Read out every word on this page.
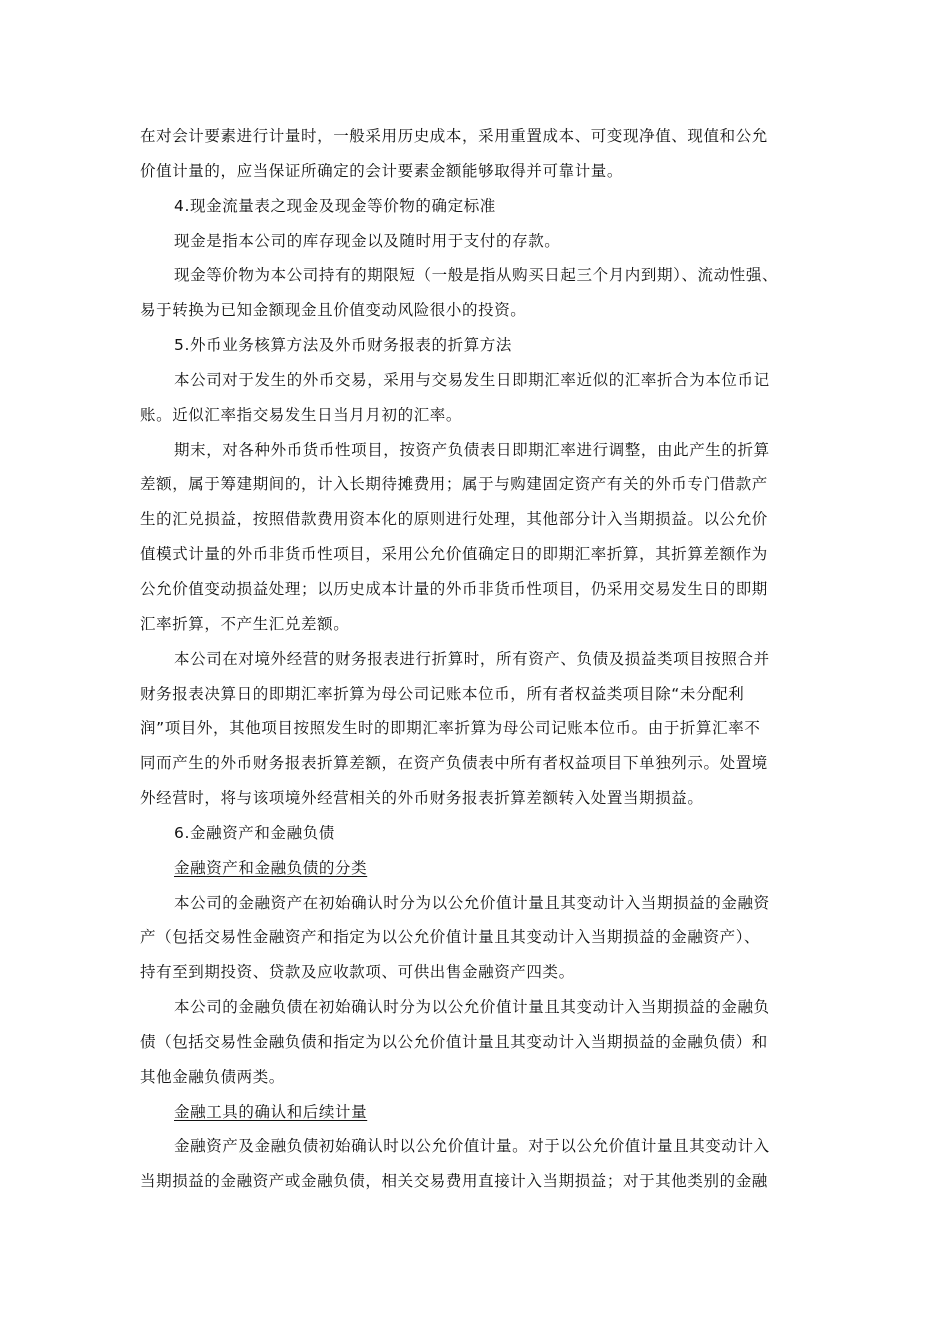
在对会计要素进行计量时，一般采用历史成本，采用重置成本、可变现净值、现值和公允
价值计量的，应当保证所确定的会计要素金额能够取得并可靠计量。
4.现金流量表之现金及现金等价物的确定标准
现金是指本公司的库存现金以及随时用于支付的存款。
现金等价物为本公司持有的期限短（一般是指从购买日起三个月内到期）、流动性强、
易于转换为已知金额现金且价值变动风险很小的投资。
5.外币业务核算方法及外币财务报表的折算方法
本公司对于发生的外币交易，采用与交易发生日即期汇率近似的汇率折合为本位币记
账。近似汇率指交易发生日当月月初的汇率。
期末，对各种外币货币性项目，按资产负债表日即期汇率进行调整，由此产生的折算
差额，属于筹建期间的，计入长期待摊费用；属于与购建固定资产有关的外币专门借款产
生的汇兑损益，按照借款费用资本化的原则进行处理，其他部分计入当期损益。以公允价
值模式计量的外币非货币性项目，采用公允价值确定日的即期汇率折算，其折算差额作为
公允价值变动损益处理；以历史成本计量的外币非货币性项目，仍采用交易发生日的即期
汇率折算，不产生汇兑差额。
本公司在对境外经营的财务报表进行折算时，所有资产、负债及损益类项目按照合并
财务报表决算日的即期汇率折算为母公司记账本位币，所有者权益类项目除“未分配利
润”项目外，其他项目按照发生时的即期汇率折算为母公司记账本位币。由于折算汇率不
同而产生的外币财务报表折算差额，在资产负债表中所有者权益项目下单独列示。处置境
外经营时，将与该项境外经营相关的外币财务报表折算差额转入处置当期损益。
6.金融资产和金融负债
金融资产和金融负债的分类
本公司的金融资产在初始确认时分为以公允价值计量且其变动计入当期损益的金融资
产（包括交易性金融资产和指定为以公允价值计量且其变动计入当期损益的金融资产）、
持有至到期投资、贷款及应收款项、可供出售金融资产四类。
本公司的金融负债在初始确认时分为以公允价值计量且其变动计入当期损益的金融负
债（包括交易性金融负债和指定为以公允价值计量且其变动计入当期损益的金融负债）和
其他金融负债两类。
金融工具的确认和后续计量
金融资产及金融负债初始确认时以公允价值计量。对于以公允价值计量且其变动计入
当期损益的金融资产或金融负债，相关交易费用直接计入当期损益；对于其他类别的金融
